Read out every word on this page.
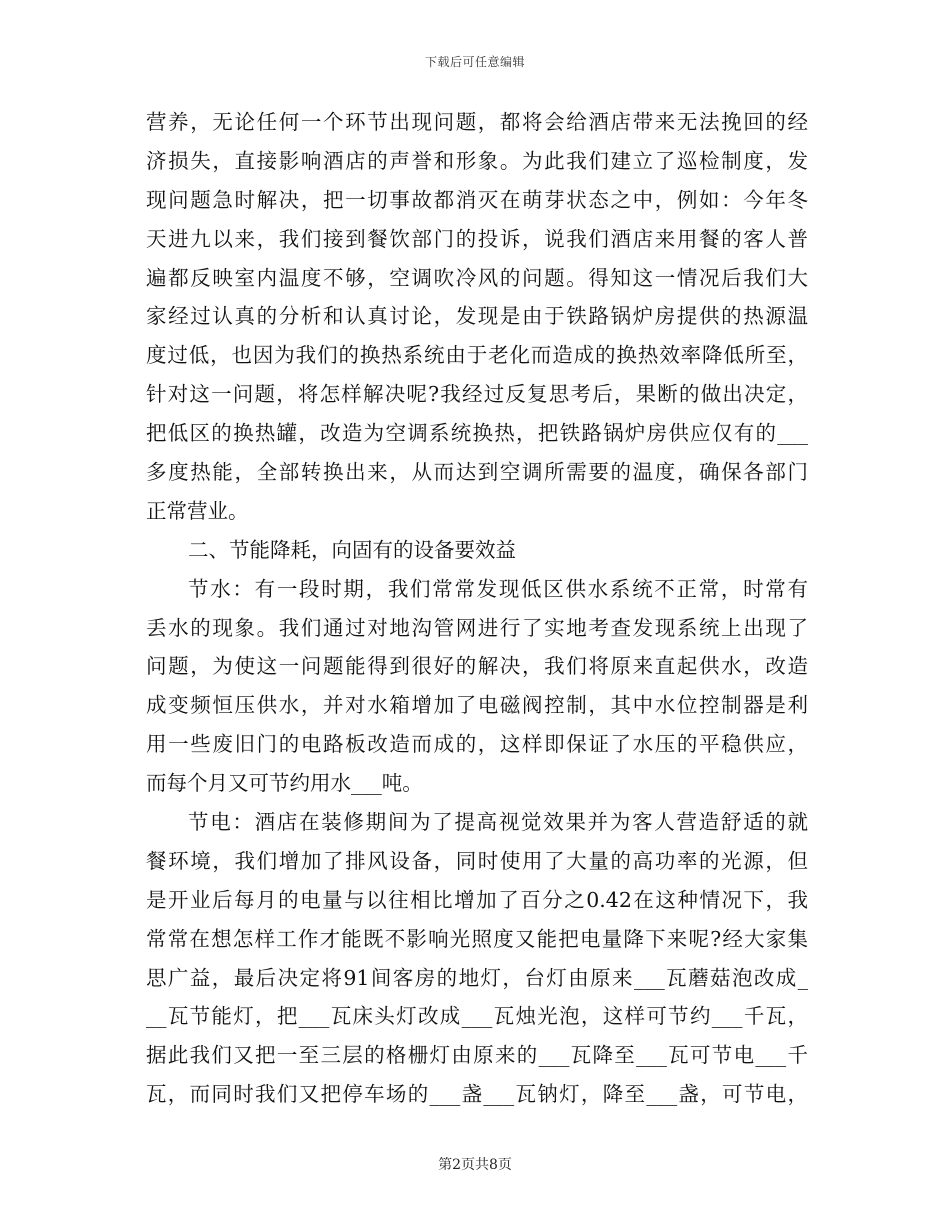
下载后可任意编辑
营养，无论任何一个环节出现问题，都将会给酒店带来无法挽回的经
济损失，直接影响酒店的声誉和形象。为此我们建立了巡检制度，发
现问题急时解决，把一切事故都消灭在萌芽状态之中，例如：今年冬
天进九以来，我们接到餐饮部门的投诉，说我们酒店来用餐的客人普
遍都反映室内温度不够，空调吹冷风的问题。得知这一情况后我们大
家经过认真的分析和认真讨论，发现是由于铁路锅炉房提供的热源温
度过低，也因为我们的换热系统由于老化而造成的换热效率降低所至，
针对这一问题，将怎样解决呢?我经过反复思考后，果断的做出决定，
把低区的换热罐，改造为空调系统换热，把铁路锅炉房供应仅有的___
多度热能，全部转换出来，从而达到空调所需要的温度，确保各部门
正常营业。
二、节能降耗，向固有的设备要效益
节水：有一段时期，我们常常发现低区供水系统不正常，时常有
丢水的现象。我们通过对地沟管网进行了实地考查发现系统上出现了
问题，为使这一问题能得到很好的解决，我们将原来直起供水，改造
成变频恒压供水，并对水箱增加了电磁阀控制，其中水位控制器是利
用一些废旧门的电路板改造而成的，这样即保证了水压的平稳供应，
而每个月又可节约用水___吨。
节电：酒店在装修期间为了提高视觉效果并为客人营造舒适的就
餐环境，我们增加了排风设备，同时使用了大量的高功率的光源，但
是开业后每月的电量与以往相比增加了百分之0.42在这种情况下，我
常常在想怎样工作才能既不影响光照度又能把电量降下来呢?经大家集
思广益，最后决定将91间客房的地灯，台灯由原来___瓦蘑菇泡改成_
__瓦节能灯，把___瓦床头灯改成___瓦烛光泡，这样可节约___千瓦，
据此我们又把一至三层的格栅灯由原来的___瓦降至___瓦可节电___千
瓦，而同时我们又把停车场的___盏___瓦钠灯，降至___盏，可节电，
第2页共8页
